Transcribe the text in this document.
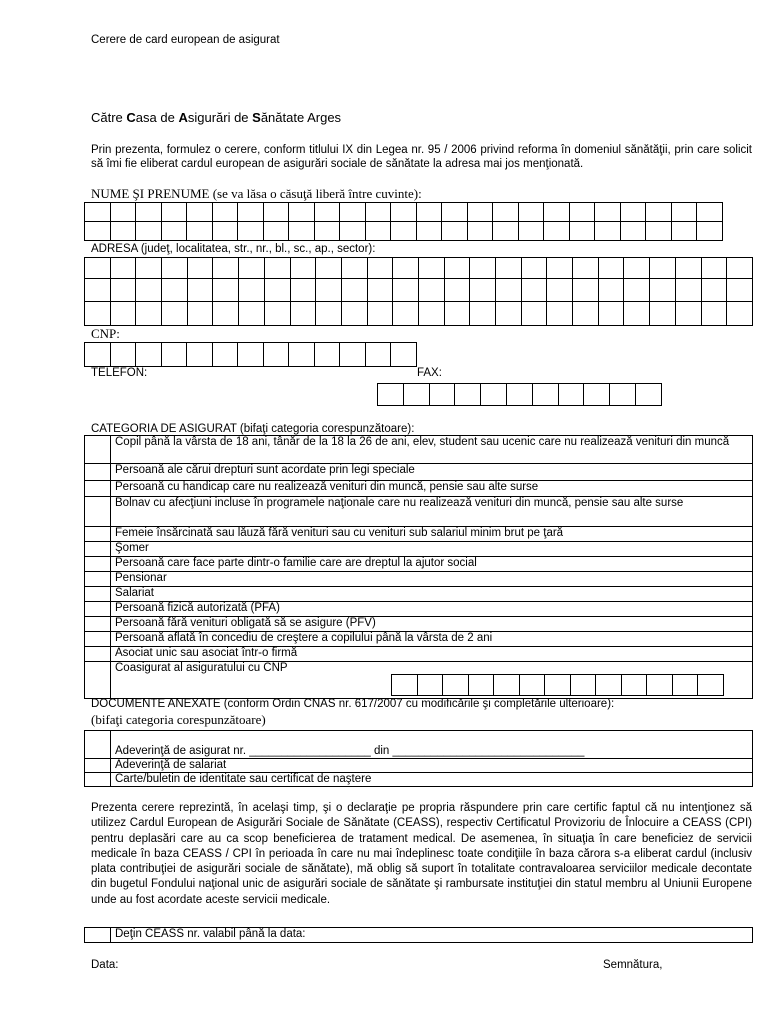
Cerere de card european de asigurat
Către Casa de Asigurări de Sănătate Arges
Prin prezenta, formulez o cerere, conform titlului IX din Legea nr. 95 / 2006 privind reforma în domeniul sănătăţii, prin care solicit să îmi fie eliberat cardul european de asigurări sociale de sănătate la adresa mai jos menţionată.
NUME ŞI PRENUME (se va lăsa o căsuţă liberă între cuvinte):

ADRESA (judeţ, localitatea, str., nr., bl., sc., ap., sector):

CNP:

TELEFON:	FAX:

CATEGORIA DE ASIGURAT (bifaţi categoria corespunzătoare):
	Copil până la vârsta de 18 ani, tânăr de la 18 la 26 de ani, elev, student sau ucenic care nu realizează venituri din muncă
	Persoană ale cărui drepturi sunt acordate prin legi speciale
	Persoană cu handicap care nu realizează venituri din muncă, pensie sau alte surse
	Bolnav cu afecţiuni incluse în programele naţionale care nu realizează venituri din muncă, pensie sau alte surse
	Femeie însărcinată sau lăuză fără venituri sau cu venituri sub salariul minim brut pe ţară
	Şomer
	Persoană care face parte dintr-o familie care are dreptul la ajutor social
	Pensionar
	Salariat
	Persoană fizică autorizată (PFA)
	Persoană fără venituri obligată să se asigure (PFV)
	Persoană aflată în concediu de creştere a copilului până la vârsta de 2 ani
	Asociat unic sau asociat într-o firmă
	Coasigurat al asiguratului cu CNP

DOCUMENTE ANEXATE (conform Ordin CNAS nr. 617/2007 cu modificările şi completările ulterioare):
(bifaţi categoria corespunzătoare)
	Adeverinţă de asigurat nr. ___________________ din ______________________________
	Adeverinţă de salariat
	Carte/buletin de identitate sau certificat de naştere
Prezenta cerere reprezintă, în acelaşi timp, şi o declaraţie pe propria răspundere prin care certific faptul că nu intenţionez să utilizez Cardul European de Asigurări Sociale de Sănătate (CEASS), respectiv Certificatul Provizoriu de Înlocuire a CEASS (CPI) pentru deplasări care au ca scop beneficierea de tratament medical. De asemenea, în situaţia în care beneficiez de servicii medicale în baza CEASS / CPI în perioada în care nu mai îndeplinesc toate condiţiile în baza cărora s-a eliberat cardul (inclusiv plata contribuţiei de asigurări sociale de sănătate), mă oblig să suport în totalitate contravaloarea serviciilor medicale decontate din bugetul Fondului naţional unic de asigurări sociale de sănătate şi rambursate instituţiei din statul membru al Uniunii Europene unde au fost acordate aceste servicii medicale.
	Deţin CEASS nr. valabil până la data:
Data:	Semnătura,
